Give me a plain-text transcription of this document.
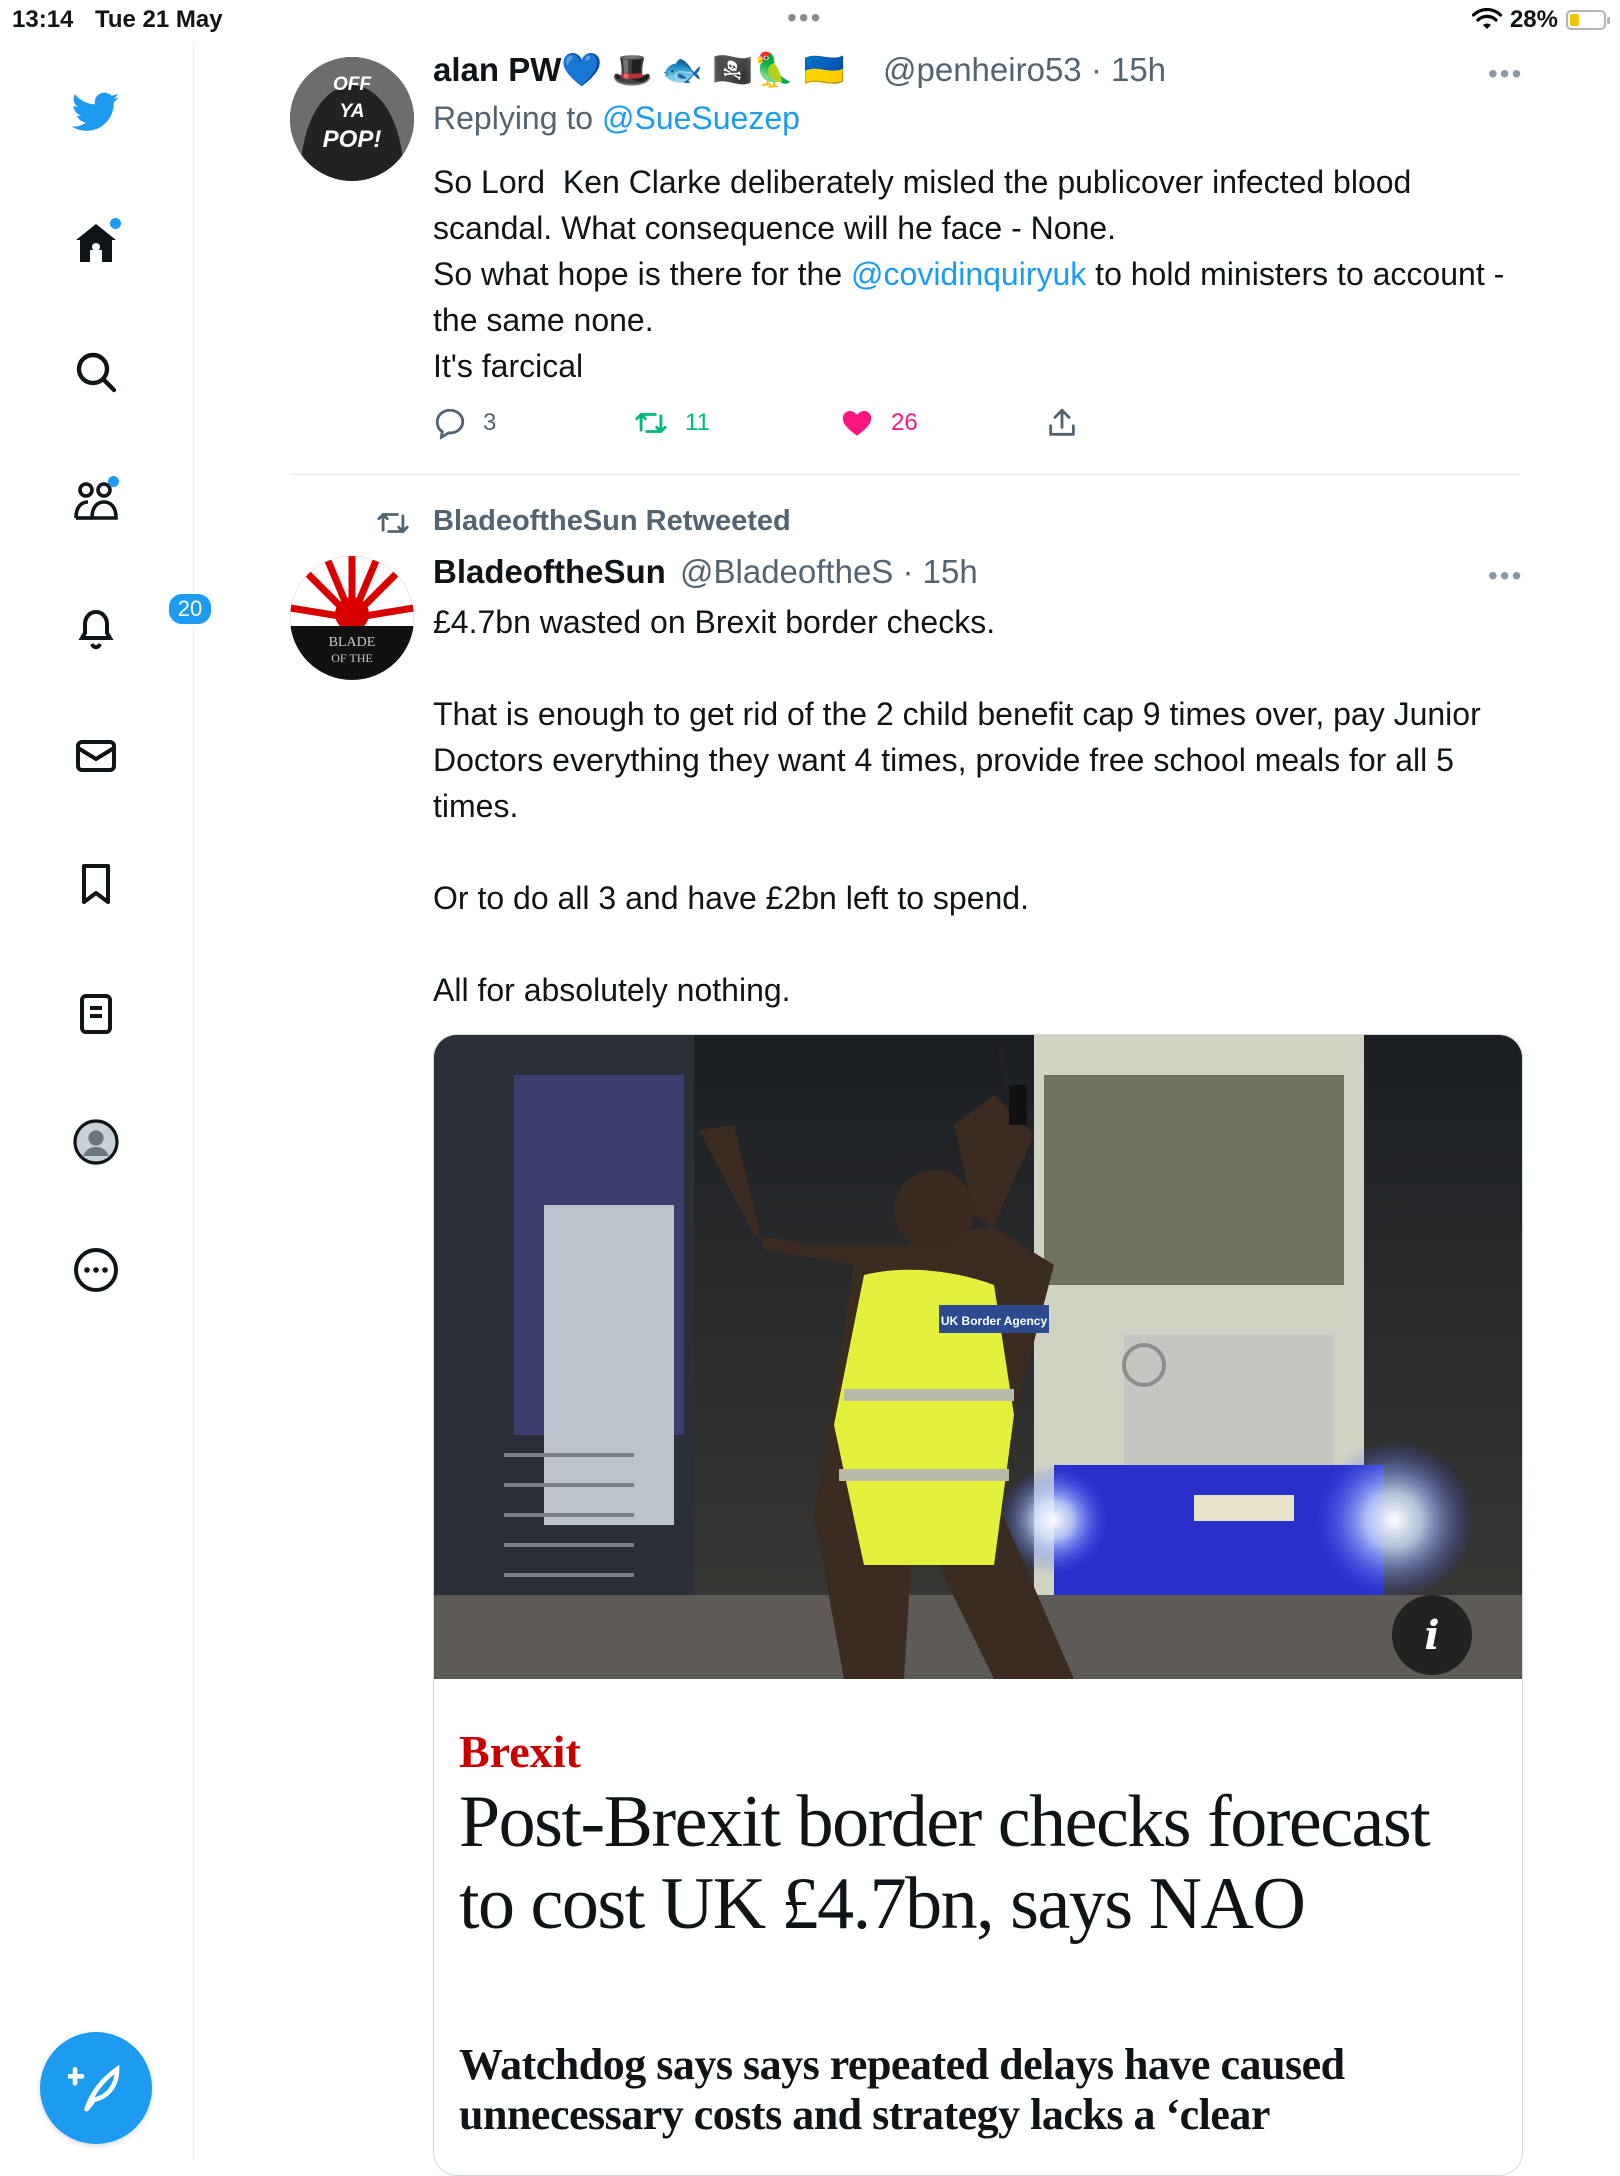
13:14 Tue 21 May	•••	28%
20
OFF
YA
POP!
alan PW💙 🎩 🐟 🏴‍☠️🦜 🇺🇦 @penheiro53 · 15h	•••
Replying to @SueSuezep
So Lord  Ken Clarke deliberately misled the publicover infected blood scandal. What consequence will he face - None.
So what hope is there for the @covidinquiryuk to hold ministers to account - the same none.
It's farcical
3	11	26
BladeoftheSun Retweeted
BLADE
OF THE
BladeoftheSun @BladeoftheS · 15h	•••
£4.7bn wasted on Brexit border checks.

That is enough to get rid of the 2 child benefit cap 9 times over, pay Junior Doctors everything they want 4 times, provide free school meals for all 5 times.

Or to do all 3 and have £2bn left to spend.

All for absolutely nothing.
UK Border Agency
i
Brexit
Post-Brexit border checks forecast to cost UK £4.7bn, says NAO
Watchdog says says repeated delays have caused unnecessary costs and strategy lacks a ‘clear
